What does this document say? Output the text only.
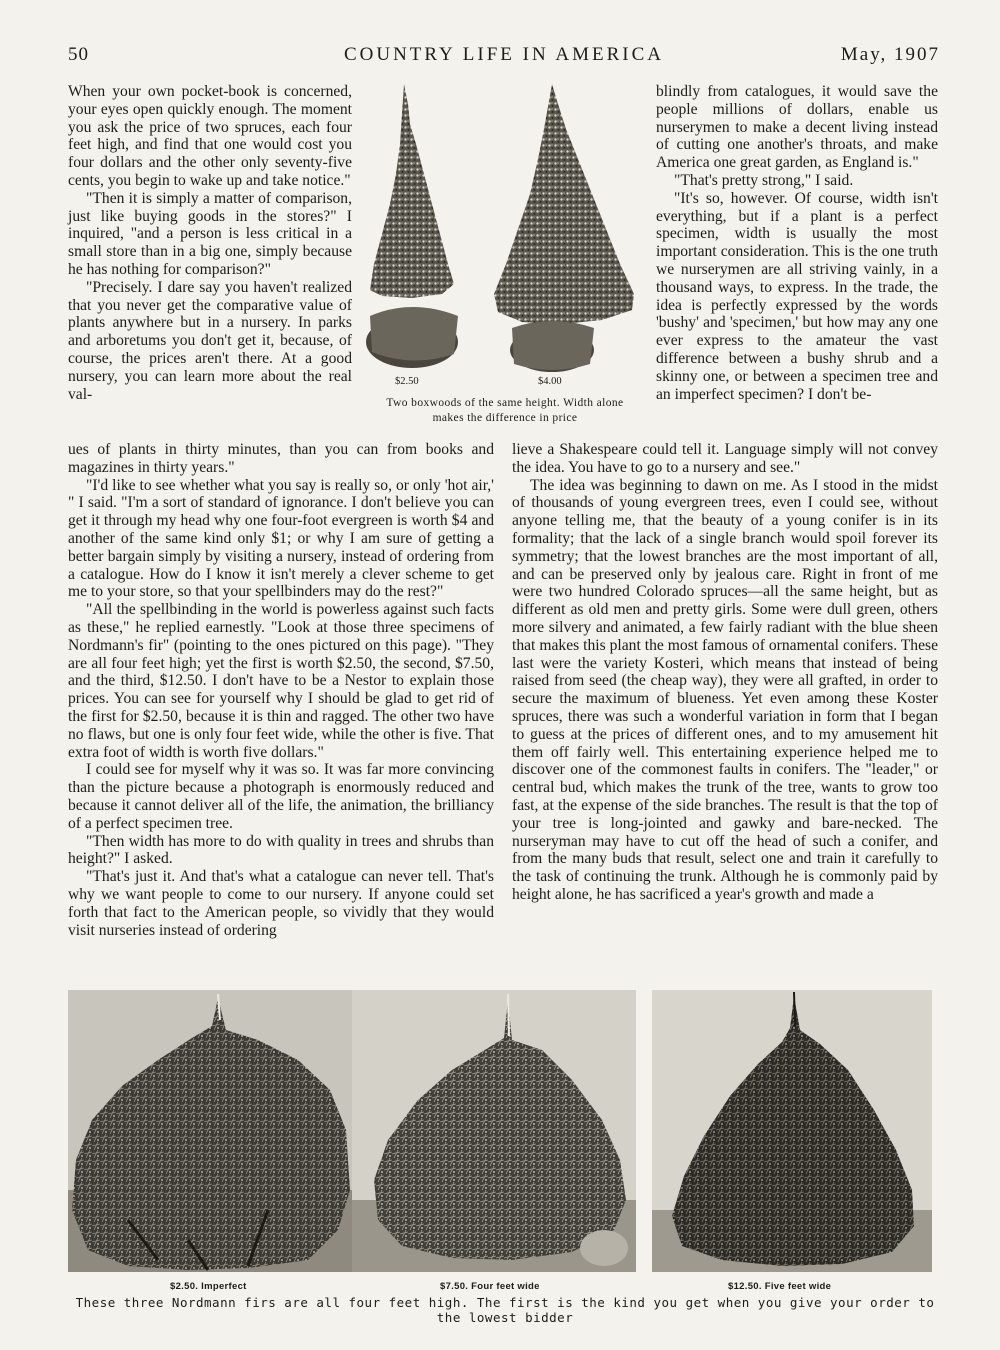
COUNTRY LIFE IN AMERICA
50	May, 1907

When your own pocket-book is concerned, your eyes open quickly enough. The moment you ask the price of two spruces, each four feet high, and find that one would cost you four dollars and the other only seventy-five cents, you begin to wake up and take notice."

"Then it is simply a matter of comparison, just like buying goods in the stores?" I inquired, "and a person is less critical in a small store than in a big one, simply because he has nothing for comparison?"

"Precisely. I dare say you haven't realized that you never get the comparative value of plants anywhere but in a nursery. In parks and arboretums you don't get it, because, of course, the prices aren't there. At a good nursery, you can learn more about the real val-

$2.50	$4.00
Two boxwoods of the same height. Width alone
makes the difference in price

blindly from catalogues, it would save the people millions of dollars, enable us nurserymen to make a decent living instead of cutting one another's throats, and make America one great garden, as England is."

"That's pretty strong," I said.

"It's so, however. Of course, width isn't everything, but if a plant is a perfect specimen, width is usually the most important consideration. This is the one truth we nurserymen are all striving vainly, in a thousand ways, to express. In the trade, the idea is perfectly expressed by the words 'bushy' and 'specimen,' but how may any one ever express to the amateur the vast difference between a bushy shrub and a skinny one, or between a specimen tree and an imperfect specimen? I don't be-

ues of plants in thirty minutes, than you can from books and magazines in thirty years."

"I'd like to see whether what you say is really so, or only 'hot air,' " I said. "I'm a sort of standard of ignorance. I don't believe you can get it through my head why one four-foot evergreen is worth $4 and another of the same kind only $1; or why I am sure of getting a better bargain simply by visiting a nursery, instead of ordering from a catalogue. How do I know it isn't merely a clever scheme to get me to your store, so that your spellbinders may do the rest?"

"All the spellbinding in the world is powerless against such facts as these," he replied earnestly. "Look at those three specimens of Nordmann's fir" (pointing to the ones pictured on this page). "They are all four feet high; yet the first is worth $2.50, the second, $7.50, and the third, $12.50. I don't have to be a Nestor to explain those prices. You can see for yourself why I should be glad to get rid of the first for $2.50, because it is thin and ragged. The other two have no flaws, but one is only four feet wide, while the other is five. That extra foot of width is worth five dollars."

I could see for myself why it was so. It was far more convincing than the picture because a photograph is enormously reduced and because it cannot deliver all of the life, the animation, the brilliancy of a perfect specimen tree.

"Then width has more to do with quality in trees and shrubs than height?" I asked.

"That's just it. And that's what a catalogue can never tell. That's why we want people to come to our nursery. If anyone could set forth that fact to the American people, so vividly that they would visit nurseries instead of ordering

lieve a Shakespeare could tell it. Language simply will not convey the idea. You have to go to a nursery and see."

The idea was beginning to dawn on me. As I stood in the midst of thousands of young evergreen trees, even I could see, without anyone telling me, that the beauty of a young conifer is in its formality; that the lack of a single branch would spoil forever its symmetry; that the lowest branches are the most important of all, and can be preserved only by jealous care. Right in front of me were two hundred Colorado spruces—all the same height, but as different as old men and pretty girls. Some were dull green, others more silvery and animated, a few fairly radiant with the blue sheen that makes this plant the most famous of ornamental conifers. These last were the variety Kosteri, which means that instead of being raised from seed (the cheap way), they were all grafted, in order to secure the maximum of blueness. Yet even among these Koster spruces, there was such a wonderful variation in form that I began to guess at the prices of different ones, and to my amusement hit them off fairly well. This entertaining experience helped me to discover one of the commonest faults in conifers. The "leader," or central bud, which makes the trunk of the tree, wants to grow too fast, at the expense of the side branches. The result is that the top of your tree is long-jointed and gawky and bare-necked. The nurseryman may have to cut off the head of such a conifer, and from the many buds that result, select one and train it carefully to the task of continuing the trunk. Although he is commonly paid by height alone, he has sacrificed a year's growth and made a

$2.50. Imperfect	$7.50. Four feet wide	$12.50. Five feet wide
These three Nordmann firs are all four feet high. The first is the kind you get when you give your order to the lowest bidder
